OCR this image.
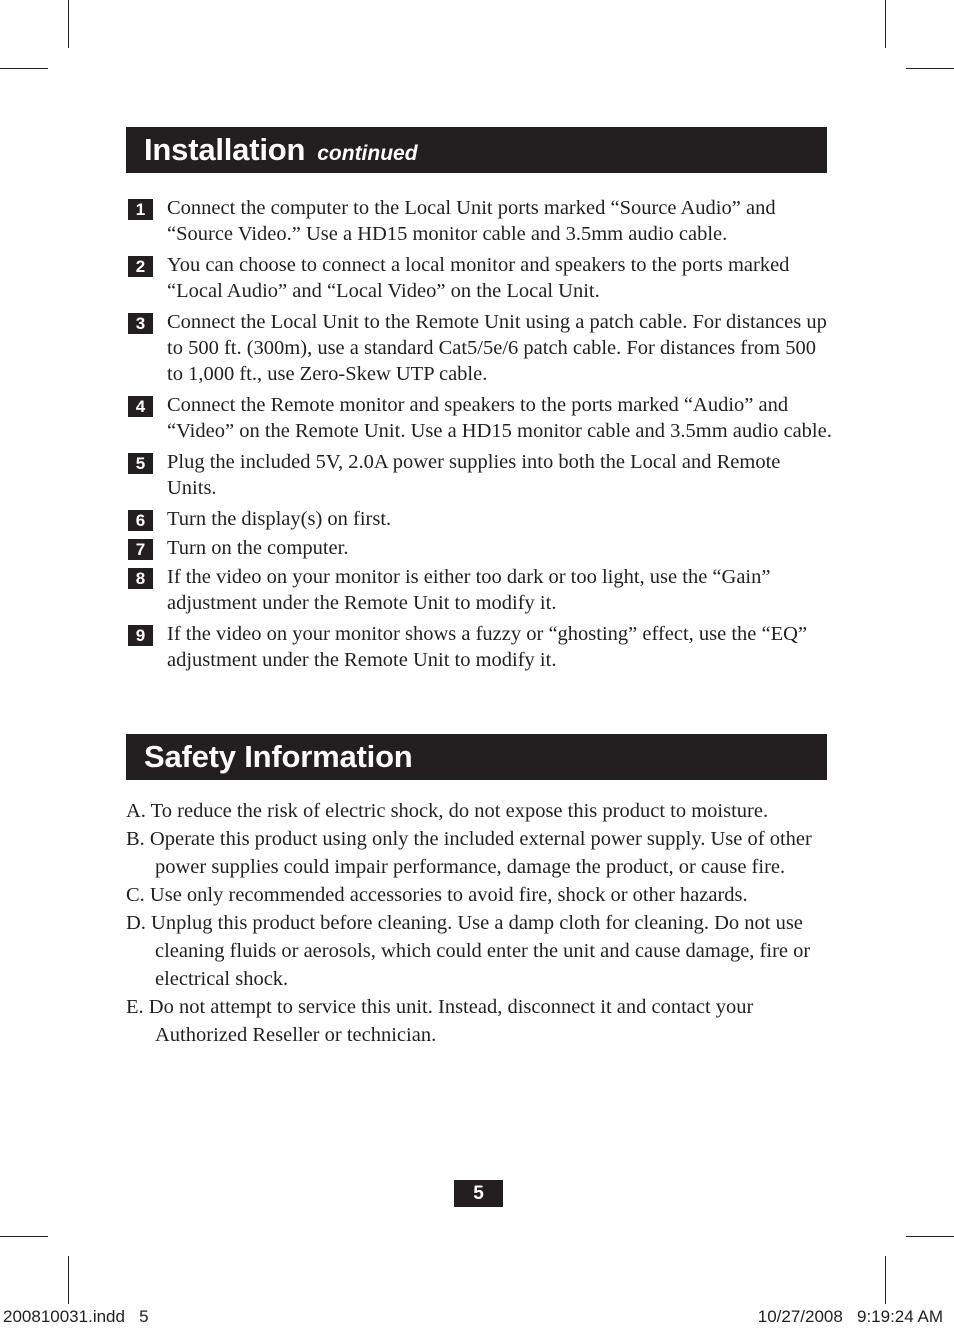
Installation continued
1	Connect the computer to the Local Unit ports marked “Source Audio” and “Source Video.” Use a HD15 monitor cable and 3.5mm audio cable.
2	You can choose to connect a local monitor and speakers to the ports marked “Local Audio” and “Local Video” on the Local Unit.
3	Connect the Local Unit to the Remote Unit using a patch cable. For distances up to 500 ft. (300m), use a standard Cat5/5e/6 patch cable. For distances from 500 to 1,000 ft., use Zero-Skew UTP cable.
4	Connect the Remote monitor and speakers to the ports marked “Audio” and “Video” on the Remote Unit. Use a HD15 monitor cable and 3.5mm audio cable.
5	Plug the included 5V, 2.0A power supplies into both the Local and Remote Units.
6	Turn the display(s) on first.
7	Turn on the computer.
8	If the video on your monitor is either too dark or too light, use the “Gain” adjustment under the Remote Unit to modify it.
9	If the video on your monitor shows a fuzzy or “ghosting” effect, use the “EQ” adjustment under the Remote Unit to modify it.
Safety Information
A. To reduce the risk of electric shock, do not expose this product to moisture.
B. Operate this product using only the included external power supply. Use of other power supplies could impair performance, damage the product, or cause fire.
C. Use only recommended accessories to avoid fire, shock or other hazards.
D. Unplug this product before cleaning. Use a damp cloth for cleaning. Do not use cleaning fluids or aerosols, which could enter the unit and cause damage, fire or electrical shock.
E. Do not attempt to service this unit. Instead, disconnect it and contact your Authorized Reseller or technician.
5
200810031.indd   5	10/27/2008   9:19:24 AM
